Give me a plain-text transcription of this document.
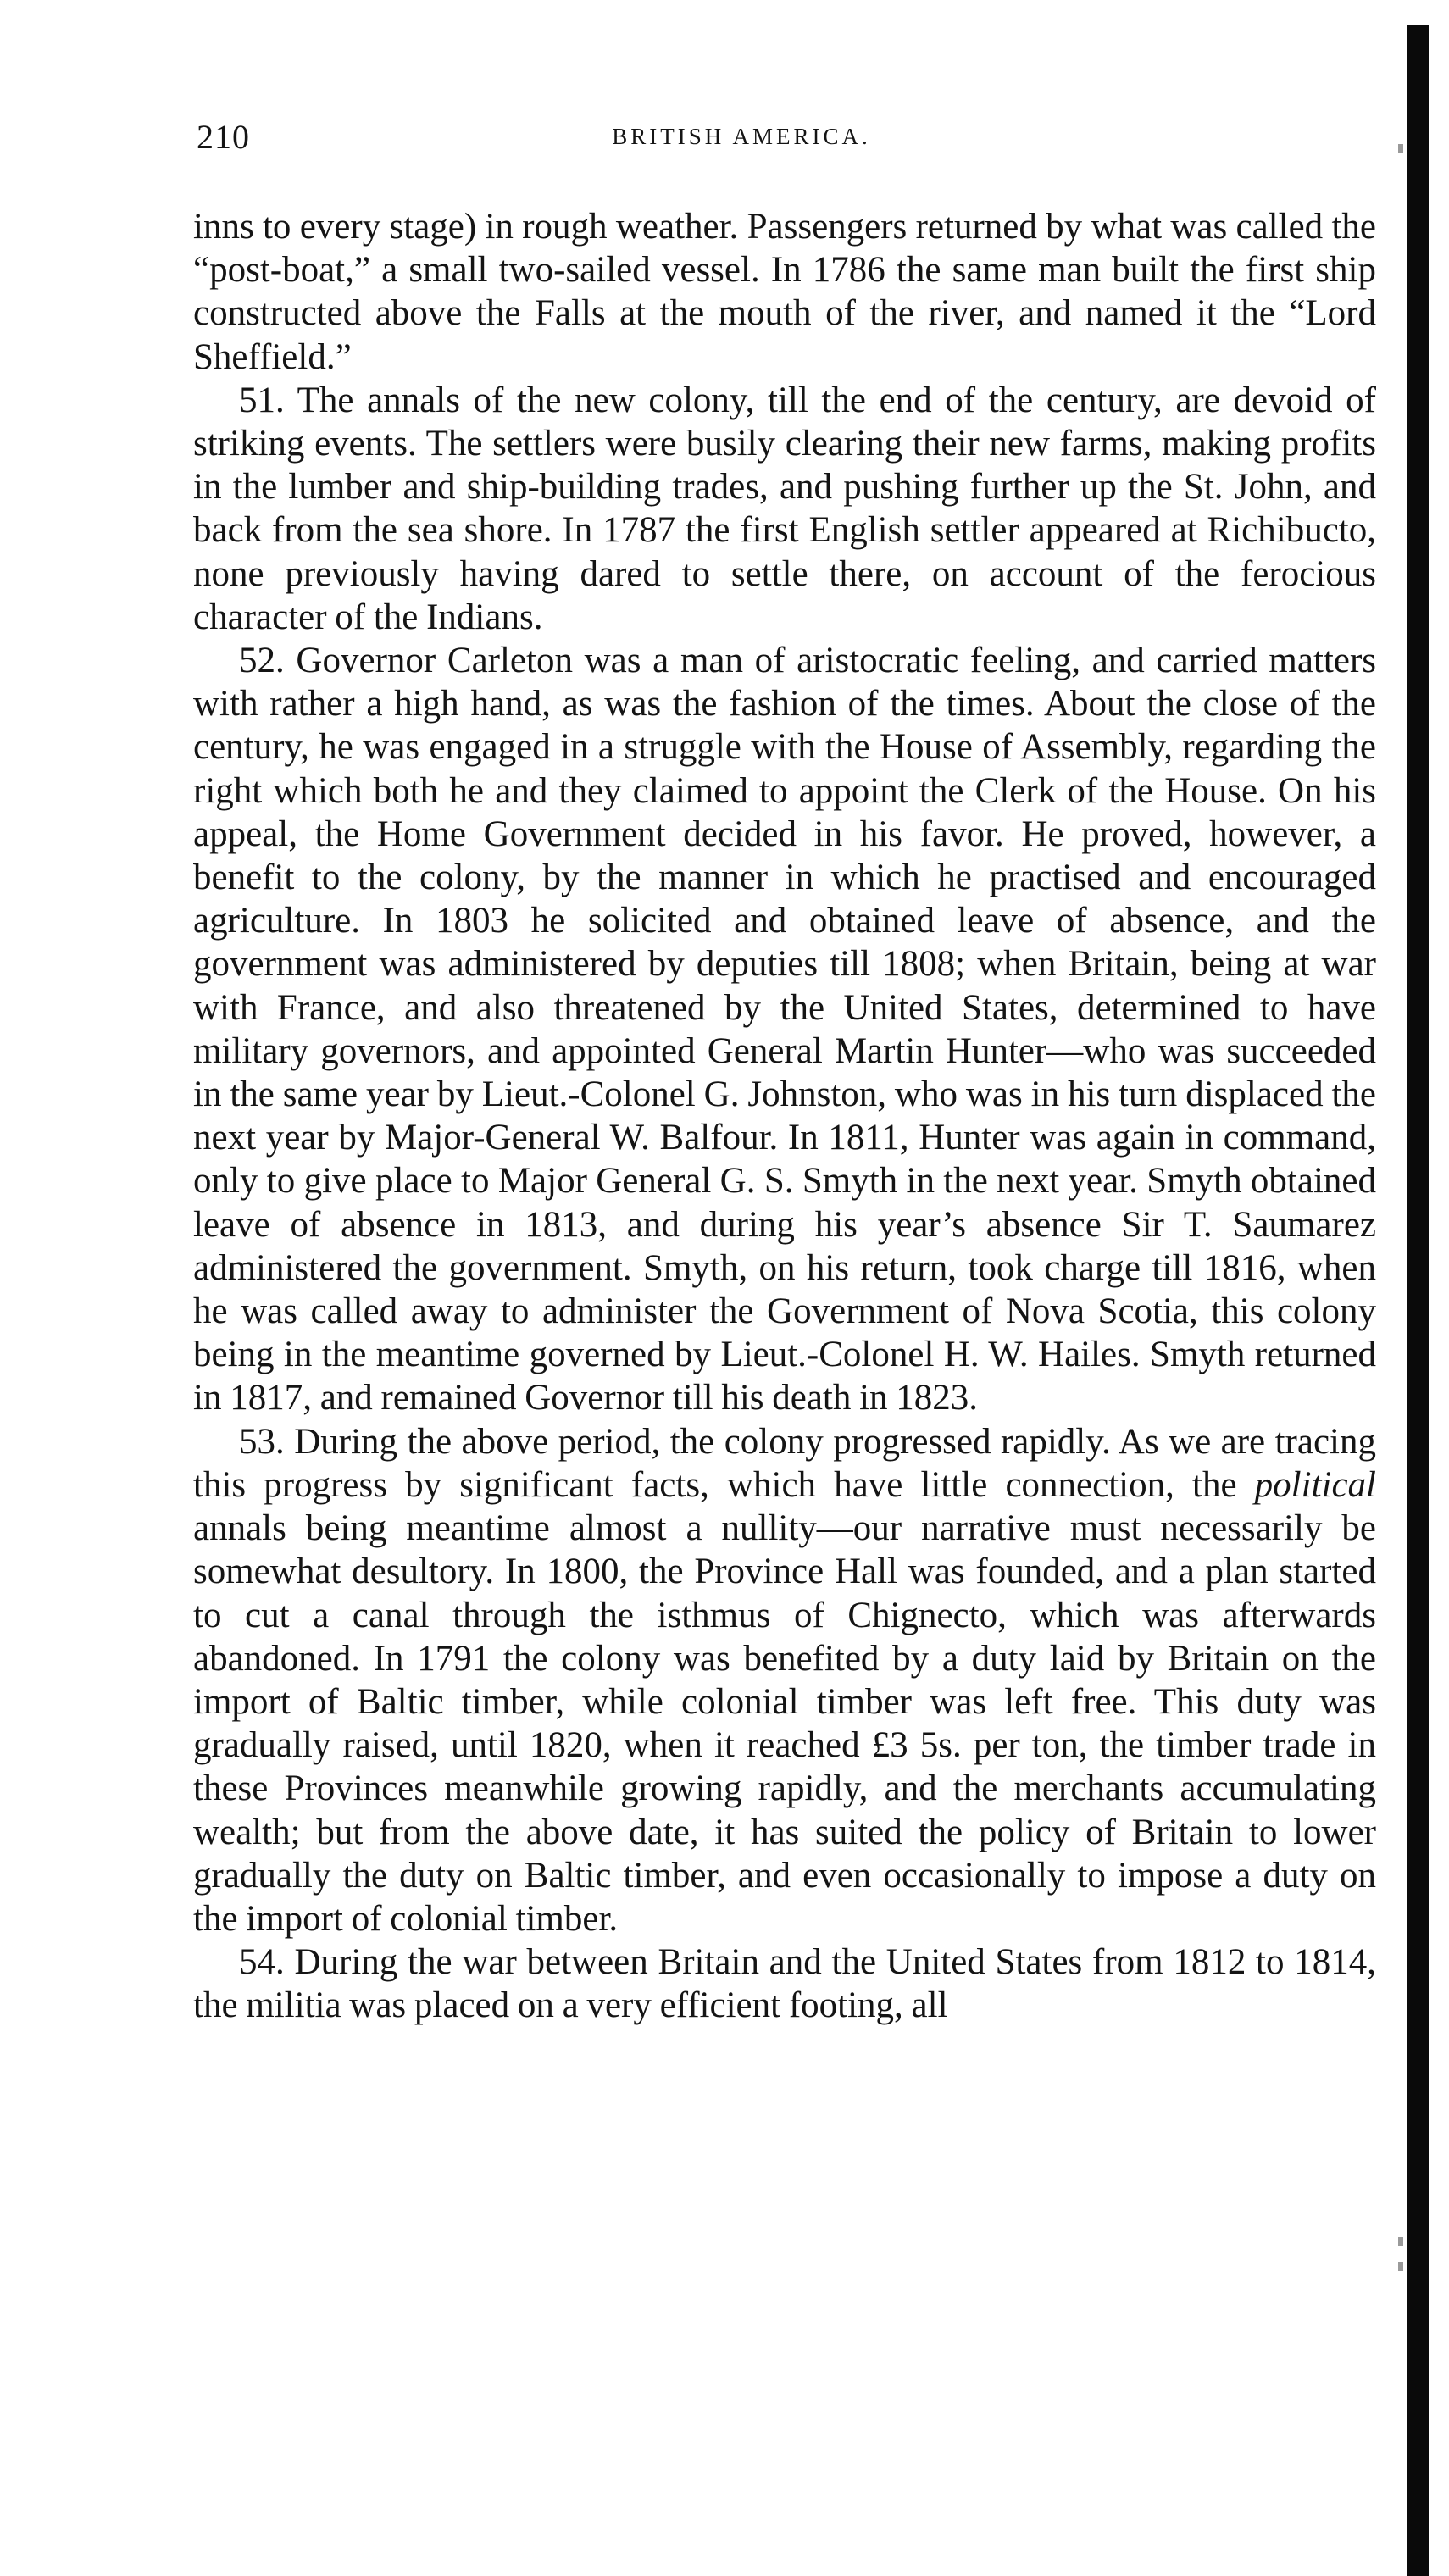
210	BRITISH AMERICA.

inns to every stage) in rough weather. Passengers returned by what was called the “post-boat,” a small two-sailed vessel. In 1786 the same man built the first ship constructed above the Falls at the mouth of the river, and named it the “Lord Sheffield.”

51. The annals of the new colony, till the end of the century, are devoid of striking events. The settlers were busily clearing their new farms, making profits in the lumber and ship-building trades, and pushing further up the St. John, and back from the sea shore. In 1787 the first English settler appeared at Richibucto, none previously having dared to settle there, on account of the ferocious character of the Indians.

52. Governor Carleton was a man of aristocratic feeling, and carried matters with rather a high hand, as was the fashion of the times. About the close of the century, he was engaged in a struggle with the House of Assembly, regarding the right which both he and they claimed to appoint the Clerk of the House. On his appeal, the Home Government decided in his favor. He proved, however, a benefit to the colony, by the manner in which he practised and encouraged agriculture. In 1803 he solicited and obtained leave of absence, and the government was administered by deputies till 1808; when Britain, being at war with France, and also threatened by the United States, determined to have military governors, and appointed General Martin Hunter—who was succeeded in the same year by Lieut.-Colonel G. Johnston, who was in his turn displaced the next year by Major-General W. Balfour. In 1811, Hunter was again in command, only to give place to Major General G. S. Smyth in the next year. Smyth obtained leave of absence in 1813, and during his year’s absence Sir T. Saumarez administered the government. Smyth, on his return, took charge till 1816, when he was called away to administer the Government of Nova Scotia, this colony being in the meantime governed by Lieut.-Colonel H. W. Hailes. Smyth returned in 1817, and remained Governor till his death in 1823.

53. During the above period, the colony progressed rapidly. As we are tracing this progress by significant facts, which have little connection, the political annals being meantime almost a nullity—our narrative must necessarily be somewhat desultory. In 1800, the Province Hall was founded, and a plan started to cut a canal through the isthmus of Chignecto, which was afterwards abandoned. In 1791 the colony was benefited by a duty laid by Britain on the import of Baltic timber, while colonial timber was left free. This duty was gradually raised, until 1820, when it reached £3 5s. per ton, the timber trade in these Provinces meanwhile growing rapidly, and the merchants accumulating wealth; but from the above date, it has suited the policy of Britain to lower gradually the duty on Baltic timber, and even occasionally to impose a duty on the import of colonial timber.

54. During the war between Britain and the United States from 1812 to 1814, the militia was placed on a very efficient footing, all
